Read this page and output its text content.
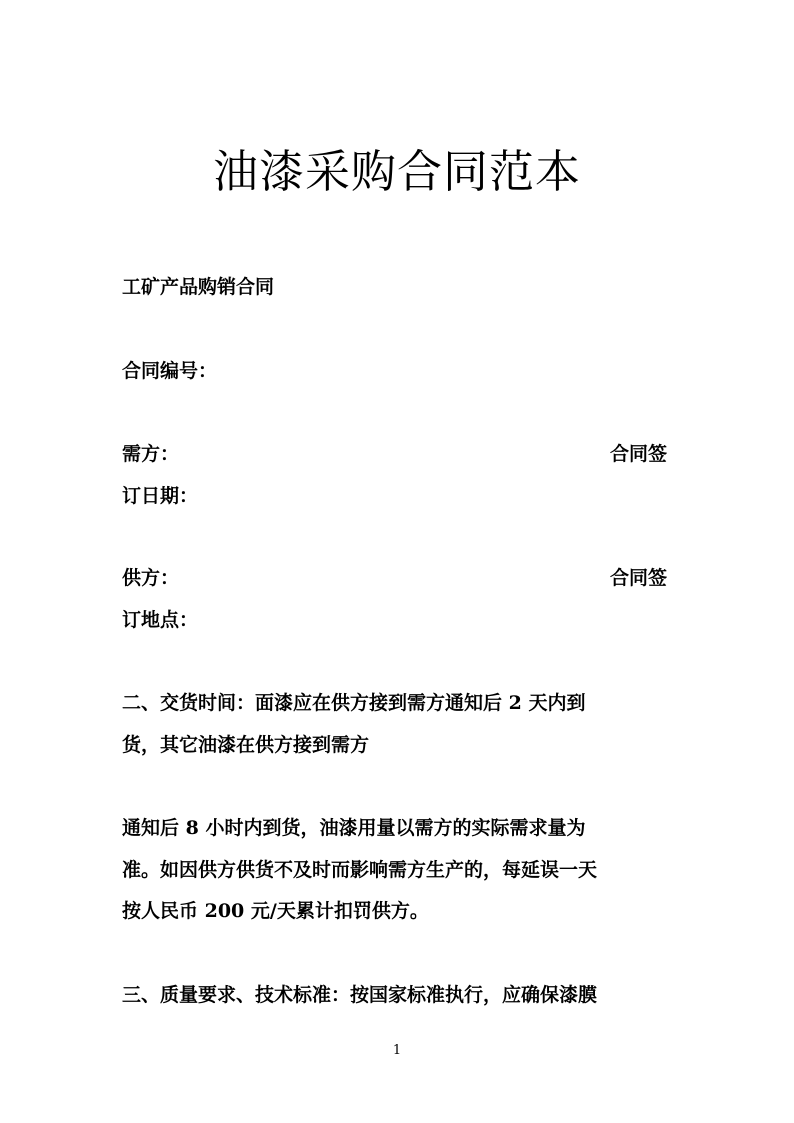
油漆采购合同范本
工矿产品购销合同
合同编号：
需方：	合同签
订日期：
供方：	合同签
订地点：
二、交货时间：面漆应在供方接到需方通知后 2 天内到
货，其它油漆在供方接到需方
通知后 8 小时内到货，油漆用量以需方的实际需求量为
准。如因供方供货不及时而影响需方生产的，每延误一天
按人民币 200 元/天累计扣罚供方。
三、质量要求、技术标准：按国家标准执行，应确保漆膜
1
